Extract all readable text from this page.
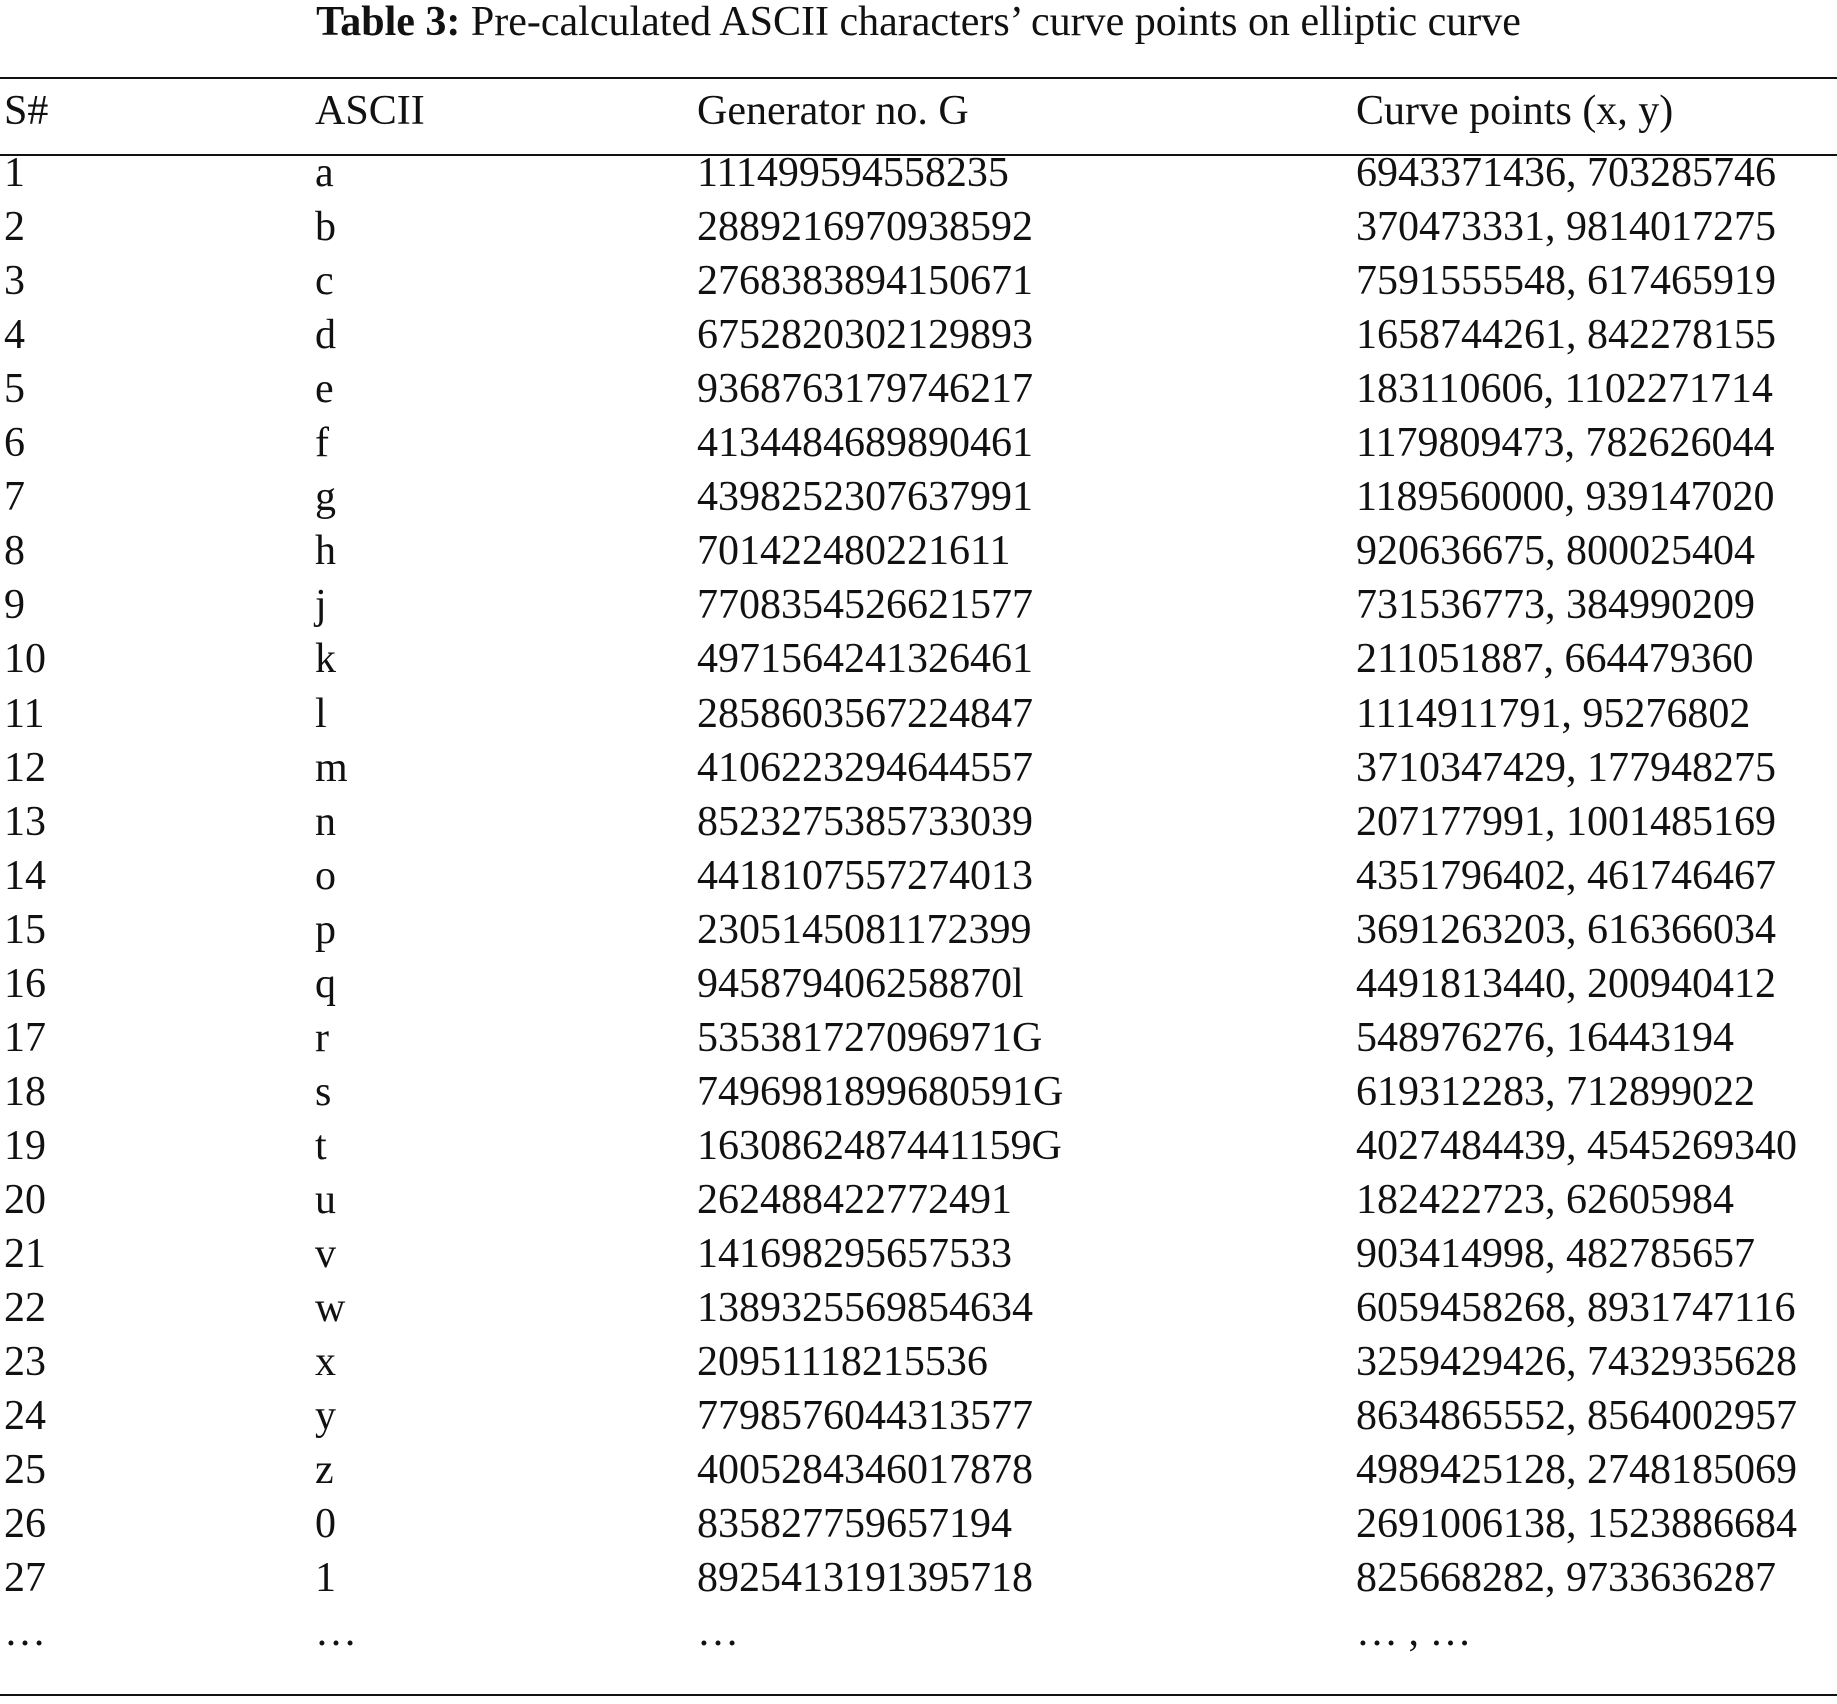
Table 3: Pre-calculated ASCII characters’ curve points on elliptic curve
S#	ASCII	Generator no. G	Curve points (x, y)
1	a	111499594558235	6943371436, 703285746
2	b	2889216970938592	370473331, 9814017275
3	c	2768383894150671	7591555548, 617465919
4	d	6752820302129893	1658744261, 842278155
5	e	9368763179746217	183110606, 1102271714
6	f	4134484689890461	1179809473, 782626044
7	g	4398252307637991	1189560000, 939147020
8	h	701422480221611	920636675, 800025404
9	j	7708354526621577	731536773, 384990209
10	k	4971564241326461	211051887, 664479360
11	l	2858603567224847	1114911791, 95276802
12	m	4106223294644557	3710347429, 177948275
13	n	8523275385733039	207177991, 1001485169
14	o	4418107557274013	4351796402, 461746467
15	p	2305145081172399	3691263203, 616366034
16	q	945879406258870l	4491813440, 200940412
17	r	535381727096971G	548976276, 16443194
18	s	7496981899680591G	619312283, 712899022
19	t	1630862487441159G	4027484439, 4545269340
20	u	262488422772491	182422723, 62605984
21	v	141698295657533	903414998, 482785657
22	w	1389325569854634	6059458268, 8931747116
23	x	20951118215536	3259429426, 7432935628
24	y	7798576044313577	8634865552, 8564002957
25	z	4005284346017878	4989425128, 2748185069
26	0	835827759657194	2691006138, 1523886684
27	1	8925413191395718	825668282, 9733636287
…	…	…	… , …
